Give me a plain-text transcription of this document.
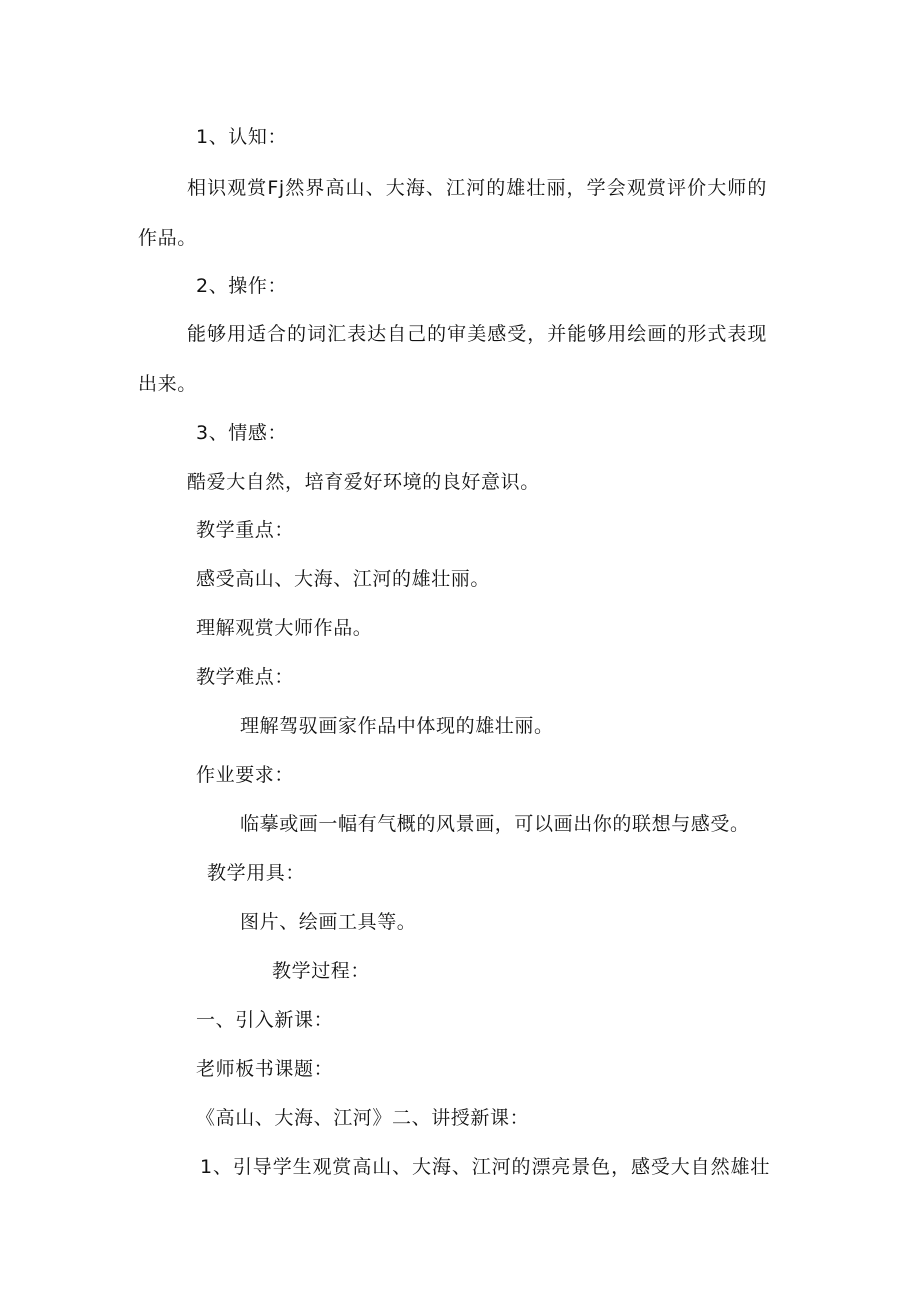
1、认知：
相识观赏Fj然界高山、大海、江河的雄壮丽，学会观赏评价大师的
作品。
2、操作：
能够用适合的词汇表达自己的审美感受，并能够用绘画的形式表现
出来。
3、情感：
酷爱大自然，培育爱好环境的良好意识。
教学重点：
感受高山、大海、江河的雄壮丽。
理解观赏大师作品。
教学难点：
理解驾驭画家作品中体现的雄壮丽。
作业要求：
临摹或画一幅有气概的风景画，可以画出你的联想与感受。
教学用具：
图片、绘画工具等。
教学过程：
一、引入新课：
老师板书课题：
《高山、大海、江河》二、讲授新课：
1、引导学生观赏高山、大海、江河的漂亮景色，感受大自然雄壮
